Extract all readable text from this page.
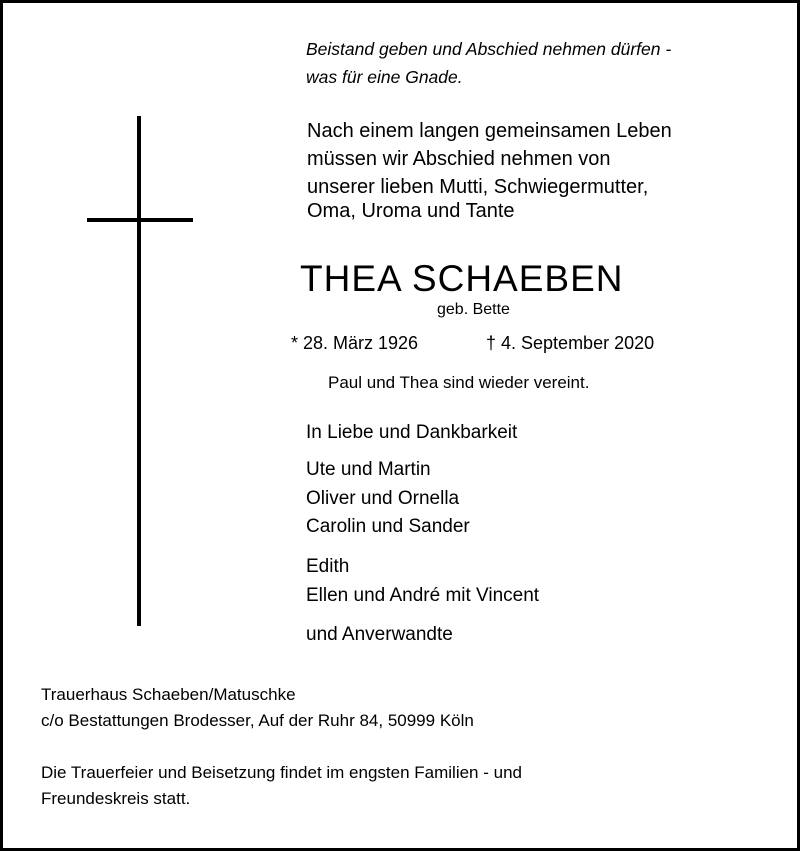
Beistand geben und Abschied nehmen dürfen -
was für eine Gnade.
Nach einem langen gemeinsamen Leben
müssen wir Abschied nehmen von
unserer lieben Mutti, Schwiegermutter,
Oma, Uroma und Tante
THEA SCHAEBEN
geb. Bette
* 28. März 1926	† 4. September 2020
Paul und Thea sind wieder vereint.
In Liebe und Dankbarkeit
Ute und Martin
Oliver und Ornella
Carolin und Sander
Edith
Ellen und André mit Vincent
und Anverwandte
Trauerhaus Schaeben/Matuschke
c/o Bestattungen Brodesser, Auf der Ruhr 84, 50999 Köln
Die Trauerfeier und Beisetzung findet im engsten Familien - und
Freundeskreis statt.
